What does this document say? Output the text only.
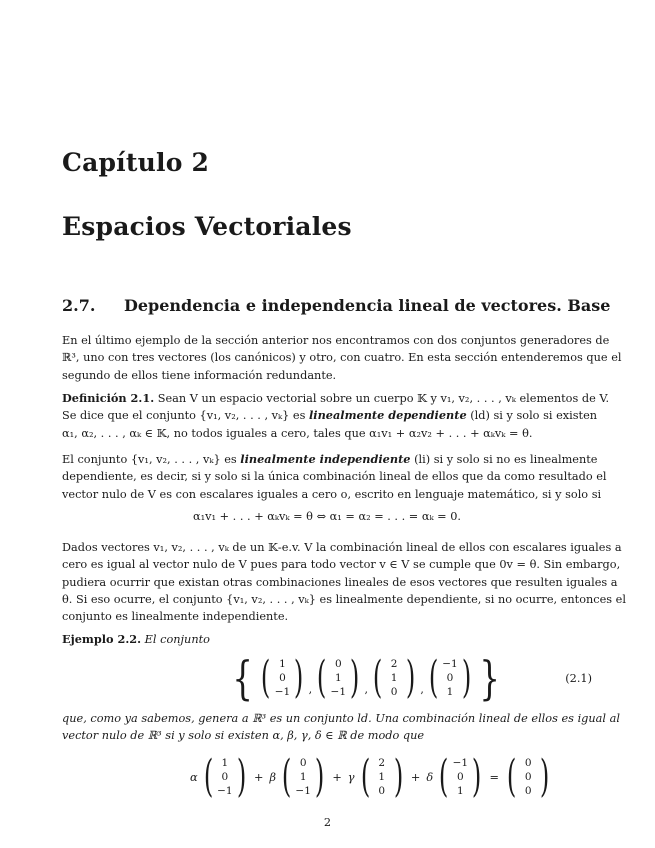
Capítulo 2
Espacios Vectoriales
2.7. Dependencia e independencia lineal de vectores. Base
En el último ejemplo de la sección anterior nos encontramos con dos conjuntos generadores de
ℝ³, uno con tres vectores (los canónicos) y otro, con cuatro. En esta sección entenderemos que el
segundo de ellos tiene información redundante.
Definición 2.1. Sean V un espacio vectorial sobre un cuerpo 𝕂 y v₁, v₂, . . . , vₖ elementos de V.
Se dice que el conjunto {v₁, v₂, . . . , vₖ} es linealmente dependiente (ld) si y solo si existen
α₁, α₂, . . . , αₖ ∈ 𝕂, no todos iguales a cero, tales que α₁v₁ + α₂v₂ + . . . + αₖvₖ = θ.
El conjunto {v₁, v₂, . . . , vₖ} es linealmente independiente (li) si y solo si no es linealmente
dependiente, es decir, si y solo si la única combinación lineal de ellos que da como resultado el
vector nulo de V es con escalares iguales a cero o, escrito en lenguaje matemático, si y solo si
α₁v₁ + . . . + αₖvₖ = θ ⇔ α₁ = α₂ = . . . = αₖ = 0.
Dados vectores v₁, v₂, . . . , vₖ de un 𝕂-e.v. V la combinación lineal de ellos con escalares iguales a
cero es igual al vector nulo de V pues para todo vector v ∈ V se cumple que 0v = θ. Sin embargo,
pudiera ocurrir que existan otras combinaciones lineales de esos vectores que resulten iguales a
θ. Si eso ocurre, el conjunto {v₁, v₂, . . . , vₖ} es linealmente dependiente, si no ocurre, entonces el
conjunto es linealmente independiente.
Ejemplo 2.2. El conjunto
{ ( 1
0
−1 ) , ( 0
1
−1 ) , ( 2
1
0 ) , ( −1
0
1 ) }	(2.1)
que, como ya sabemos, genera a ℝ³ es un conjunto ld. Una combinación lineal de ellos es igual al
vector nulo de ℝ³ si y solo si existen α, β, γ, δ ∈ ℝ de modo que
α ( 1
0
−1 ) + β ( 0
1
−1 ) + γ ( 2
1
0 ) + δ ( −1
0
1 ) = ( 0
0
0 )
2
